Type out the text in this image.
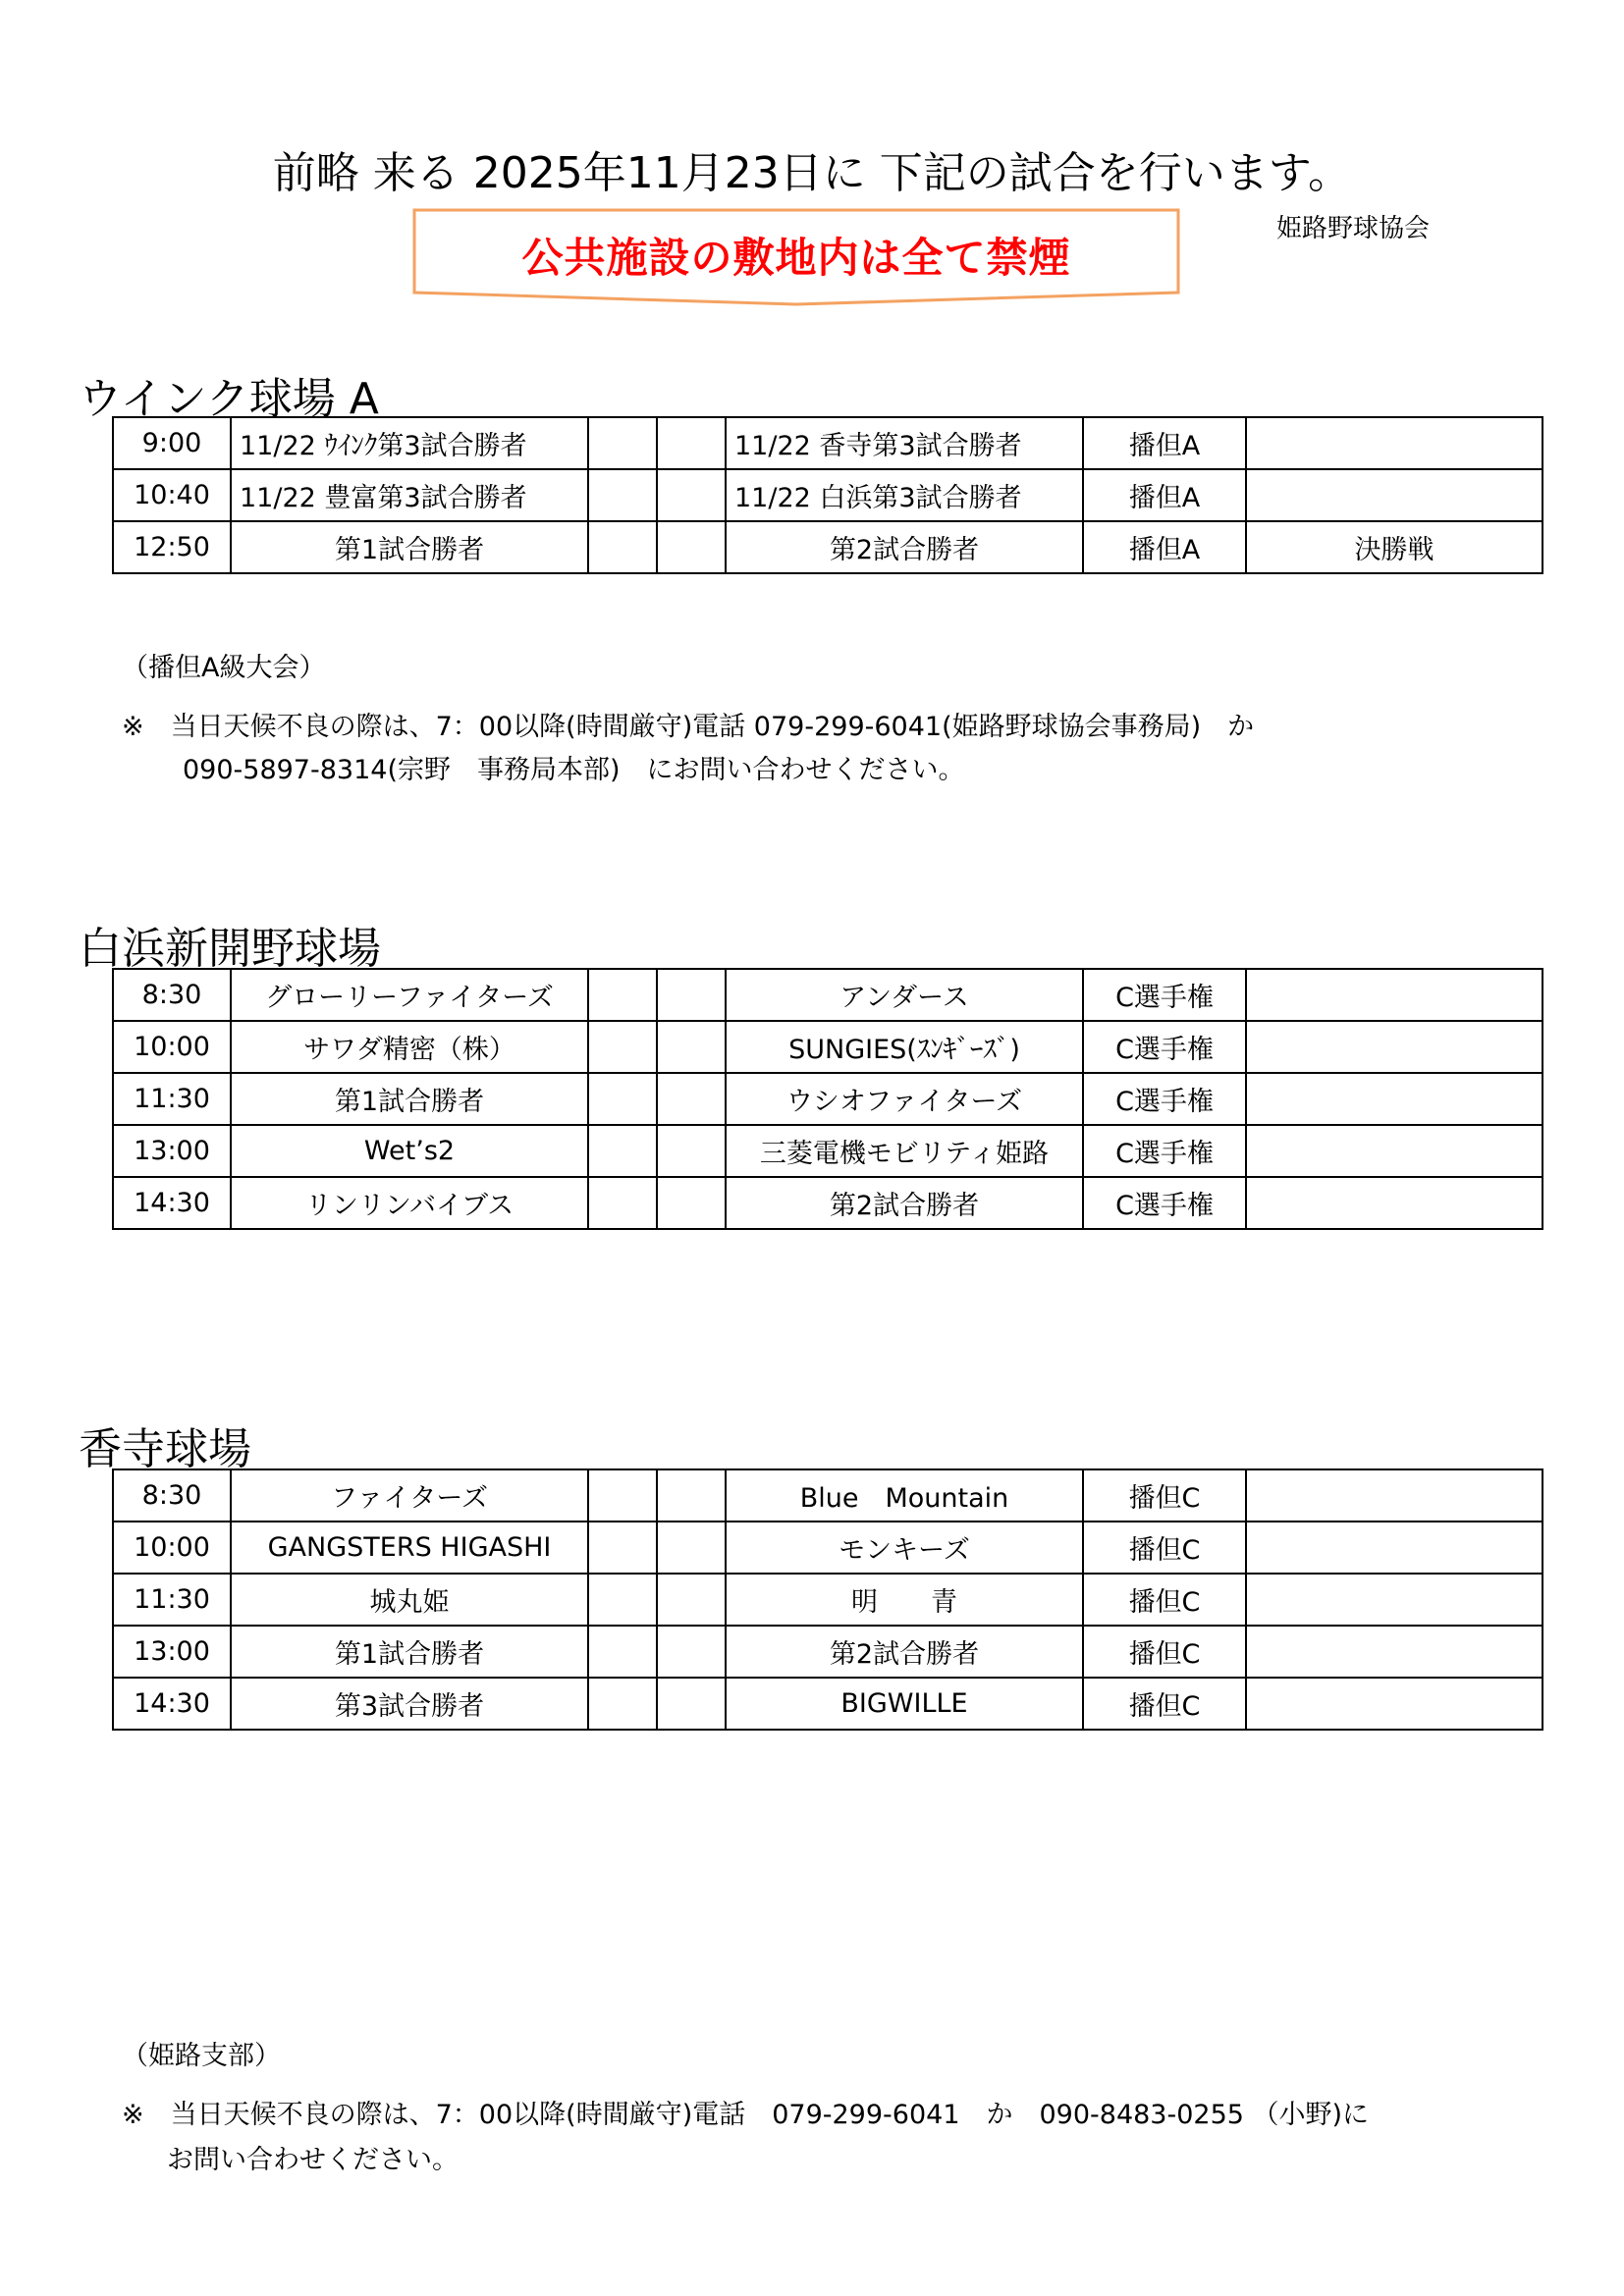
前略 来る 2025年11月23日に 下記の試合を行います。
姫路野球協会
公共施設の敷地内は全て禁煙
ウインク球場 A
9:00	11/22 ｳｲﾝｸ第3試合勝者			11/22 香寺第3試合勝者	播但A	
10:40	11/22 豊富第3試合勝者			11/22 白浜第3試合勝者	播但A	
12:50	第1試合勝者			第2試合勝者	播但A	決勝戦
（播但A級大会）
※　当日天候不良の際は、7：00以降(時間厳守)電話 079-299-6041(姫路野球協会事務局)　か
090-5897-8314(宗野　事務局本部)　にお問い合わせください。
白浜新開野球場
8:30	グローリーファイターズ			アンダース	C選手権	
10:00	サワダ精密（株）			SUNGIES(ｽﾝｷﾞｰｽﾞ)	C選手権	
11:30	第1試合勝者			ウシオファイターズ	C選手権	
13:00	Wet’s2			三菱電機モビリティ姫路	C選手権	
14:30	リンリンバイブス			第2試合勝者	C選手権	
香寺球場
8:30	ファイターズ			Blue　Mountain	播但C	
10:00	GANGSTERS HIGASHI			モンキーズ	播但C	
11:30	城丸姫			明　　青	播但C	
13:00	第1試合勝者			第2試合勝者	播但C	
14:30	第3試合勝者			BIGWILLE	播但C	
（姫路支部）
※　当日天候不良の際は、7：00以降(時間厳守)電話　079-299-6041　か　090-8483-0255 （小野)に
お問い合わせください。
